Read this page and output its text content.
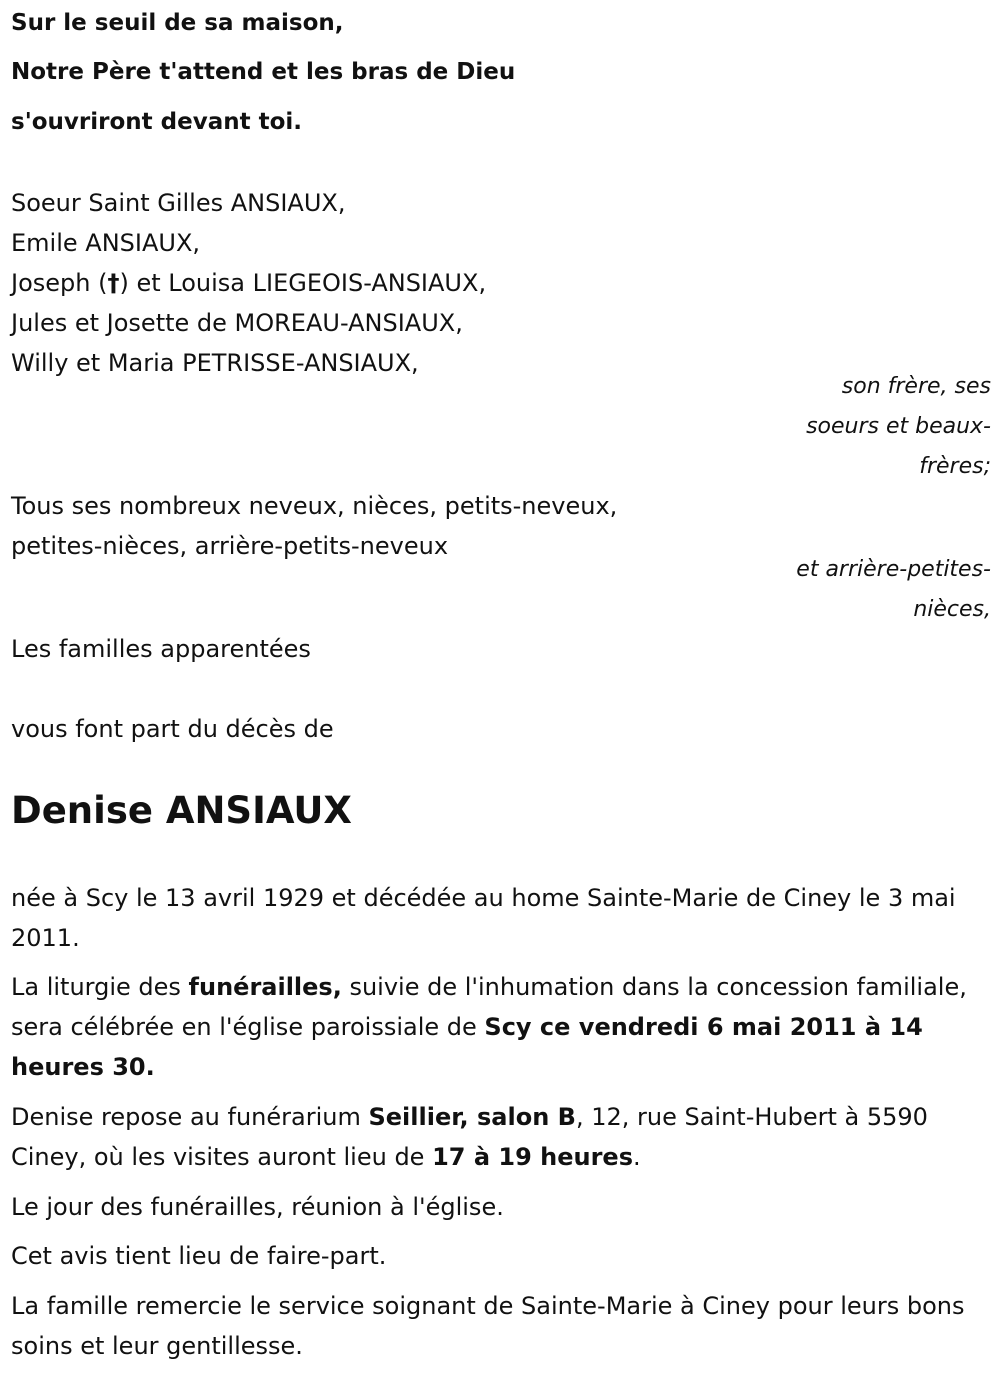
Sur le seuil de sa maison,
Notre Père t'attend et les bras de Dieu
s'ouvriront devant toi.
Soeur Saint Gilles ANSIAUX,
Emile ANSIAUX,
Joseph (†) et Louisa LIEGEOIS-ANSIAUX,
Jules et Josette de MOREAU-ANSIAUX,
Willy et Maria PETRISSE-ANSIAUX,
son frère, ses
soeurs et beaux-
frères;
Tous ses nombreux neveux, nièces, petits-neveux,
petites-nièces, arrière-petits-neveux
et arrière-petites-
nièces,
Les familles apparentées
vous font part du décès de
Denise ANSIAUX
née à Scy le 13 avril 1929 et décédée au home Sainte-Marie de Ciney le 3 mai 2011.
La liturgie des funérailles, suivie de l'inhumation dans la concession familiale, sera célébrée en l'église paroissiale de Scy ce vendredi 6 mai 2011 à 14 heures 30.
Denise repose au funérarium Seillier, salon B, 12, rue Saint-Hubert à 5590 Ciney, où les visites auront lieu de 17 à 19 heures.
Le jour des funérailles, réunion à l'église.
Cet avis tient lieu de faire-part.
La famille remercie le service soignant de Sainte-Marie à Ciney pour leurs bons soins et leur gentillesse.
